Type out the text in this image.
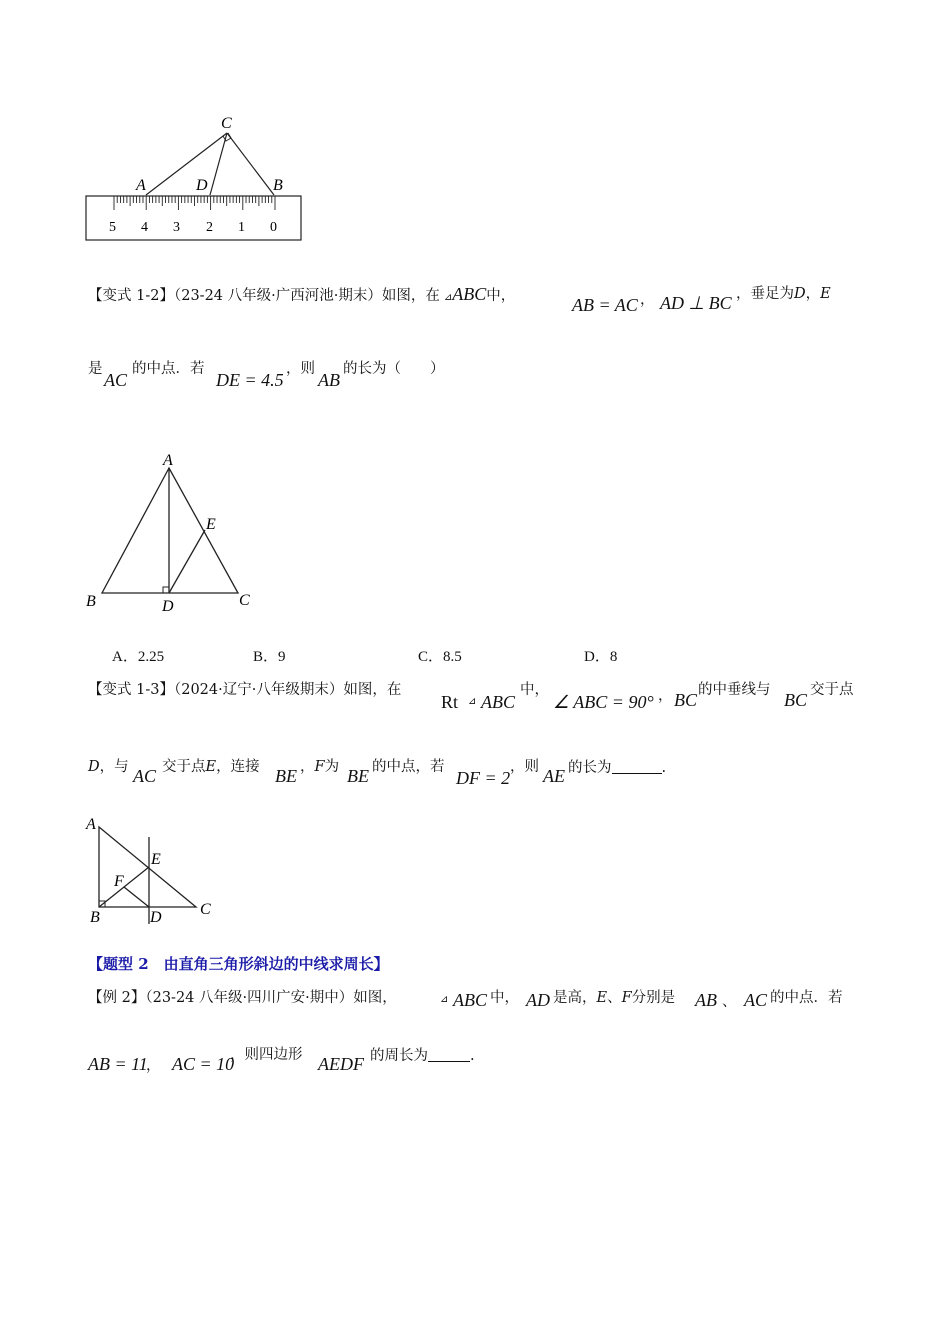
C
A	D	B
5 4 3 2 1 0
【变式 1-2】（23-24 八年级·广西河池·期末）如图，在 ⊿ABC中，	AB = AC ， AD ⊥ BC ，垂足为D，E
是
AC
的中点．若
DE = 4.5
，则
AB
的长为（　　）
A
E
B	D	C
A．2.25	B．9	C．8.5	D．8
【变式 1-3】（2024·辽宁·八年级期末）如图，在
Rt ⊿ ABC
中，
∠ ABC = 90° ， BC 的中垂线与 BC 交于点
D，与 AC 交于点E，连接 BE ，F为 BE 的中点，若
DF = 2
，则 AE 的长为	.
A
E
F
B	D C
【题型 2　由直角三角形斜边的中线求周长】
【例 2】（23-24 八年级·四川广安·期中）如图，	⊿ ABC 中， AD 是高，E、F分别是 AB 、 AC 的中点．若
AB = 11
， AC = 10
，则四边形 AEDF 的周长为	.
